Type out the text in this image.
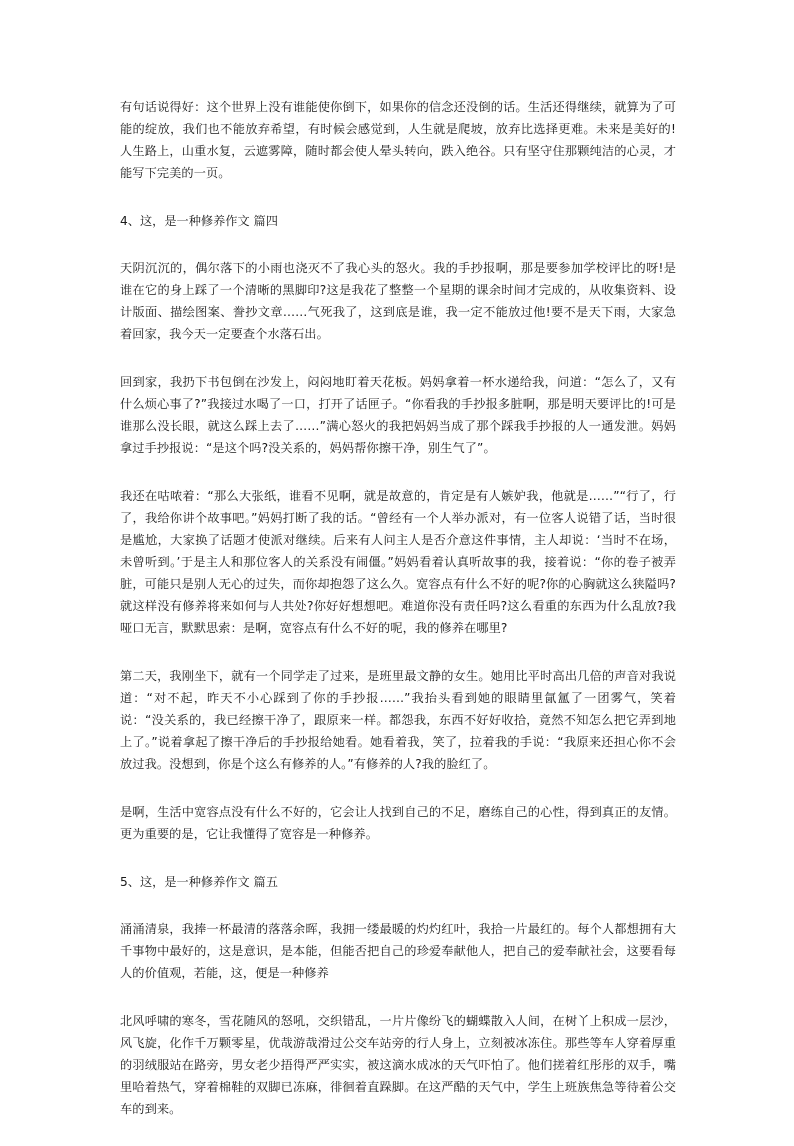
有句话说得好：这个世界上没有谁能使你倒下，如果你的信念还没倒的话。生活还得继续，就算为了可能的绽放，我们也不能放弃希望，有时候会感觉到，人生就是爬坡，放弃比选择更难。未来是美好的!人生路上，山重水复，云遮雾障，随时都会使人晕头转向，跌入绝谷。只有坚守住那颗纯洁的心灵，才能写下完美的一页。

4、这，是一种修养作文 篇四

天阴沉沉的，偶尔落下的小雨也浇灭不了我心头的怒火。我的手抄报啊，那是要参加学校评比的呀!是谁在它的身上踩了一个清晰的黑脚印?这是我花了整整一个星期的课余时间才完成的，从收集资料、设计版面、描绘图案、誊抄文章……气死我了，这到底是谁，我一定不能放过他!要不是天下雨，大家急着回家，我今天一定要查个水落石出。

回到家，我扔下书包倒在沙发上，闷闷地盯着天花板。妈妈拿着一杯水递给我，问道：“怎么了，又有什么烦心事了?”我接过水喝了一口，打开了话匣子。“你看我的手抄报多脏啊，那是明天要评比的!可是谁那么没长眼，就这么踩上去了……”满心怒火的我把妈妈当成了那个踩我手抄报的人一通发泄。妈妈拿过手抄报说：“是这个吗?没关系的，妈妈帮你擦干净，别生气了”。

我还在咕哝着：“那么大张纸，谁看不见啊，就是故意的，肯定是有人嫉妒我，他就是……”“行了，行了，我给你讲个故事吧。”妈妈打断了我的话。“曾经有一个人举办派对，有一位客人说错了话，当时很是尴尬，大家换了话题才使派对继续。后来有人问主人是否介意这件事情，主人却说：‘当时不在场，未曾听到。’于是主人和那位客人的关系没有闹僵。”妈妈看着认真听故事的我，接着说：“你的卷子被弄脏，可能只是别人无心的过失，而你却抱怨了这么久。宽容点有什么不好的呢?你的心胸就这么狭隘吗?就这样没有修养将来如何与人共处?你好好想想吧。难道你没有责任吗?这么看重的东西为什么乱放?我哑口无言，默默思索：是啊，宽容点有什么不好的呢，我的修养在哪里?

第二天，我刚坐下，就有一个同学走了过来，是班里最文静的女生。她用比平时高出几倍的声音对我说道：“对不起，昨天不小心踩到了你的手抄报……”我抬头看到她的眼睛里氤氲了一团雾气，笑着说：“没关系的，我已经擦干净了，跟原来一样。都怨我，东西不好好收拾，竟然不知怎么把它弄到地上了。”说着拿起了擦干净后的手抄报给她看。她看着我，笑了，拉着我的手说：“我原来还担心你不会放过我。没想到，你是个这么有修养的人。”有修养的人?我的脸红了。

是啊，生活中宽容点没有什么不好的，它会让人找到自己的不足，磨练自己的心性，得到真正的友情。更为重要的是，它让我懂得了宽容是一种修养。

5、这，是一种修养作文 篇五

涌涌清泉，我捧一杯最清的落落余晖，我拥一缕最暖的灼灼红叶，我拾一片最红的。每个人都想拥有大千事物中最好的，这是意识，是本能，但能否把自己的珍爱奉献他人，把自己的爱奉献社会，这要看每人的价值观，若能，这，便是一种修养

北风呼啸的寒冬，雪花随风的怒吼，交织错乱，一片片像纷飞的蝴蝶散入人间，在树丫上积成一层沙，风飞旋，化作千万颗零星，优哉游哉滑过公交车站旁的行人身上，立刻被冰冻住。那些等车人穿着厚重的羽绒服站在路旁，男女老少捂得严严实实，被这滴水成冰的天气吓怕了。他们搓着红彤彤的双手，嘴里哈着热气，穿着棉鞋的双脚已冻麻，徘徊着直跺脚。在这严酷的天气中，学生上班族焦急等待着公交车的到来。
